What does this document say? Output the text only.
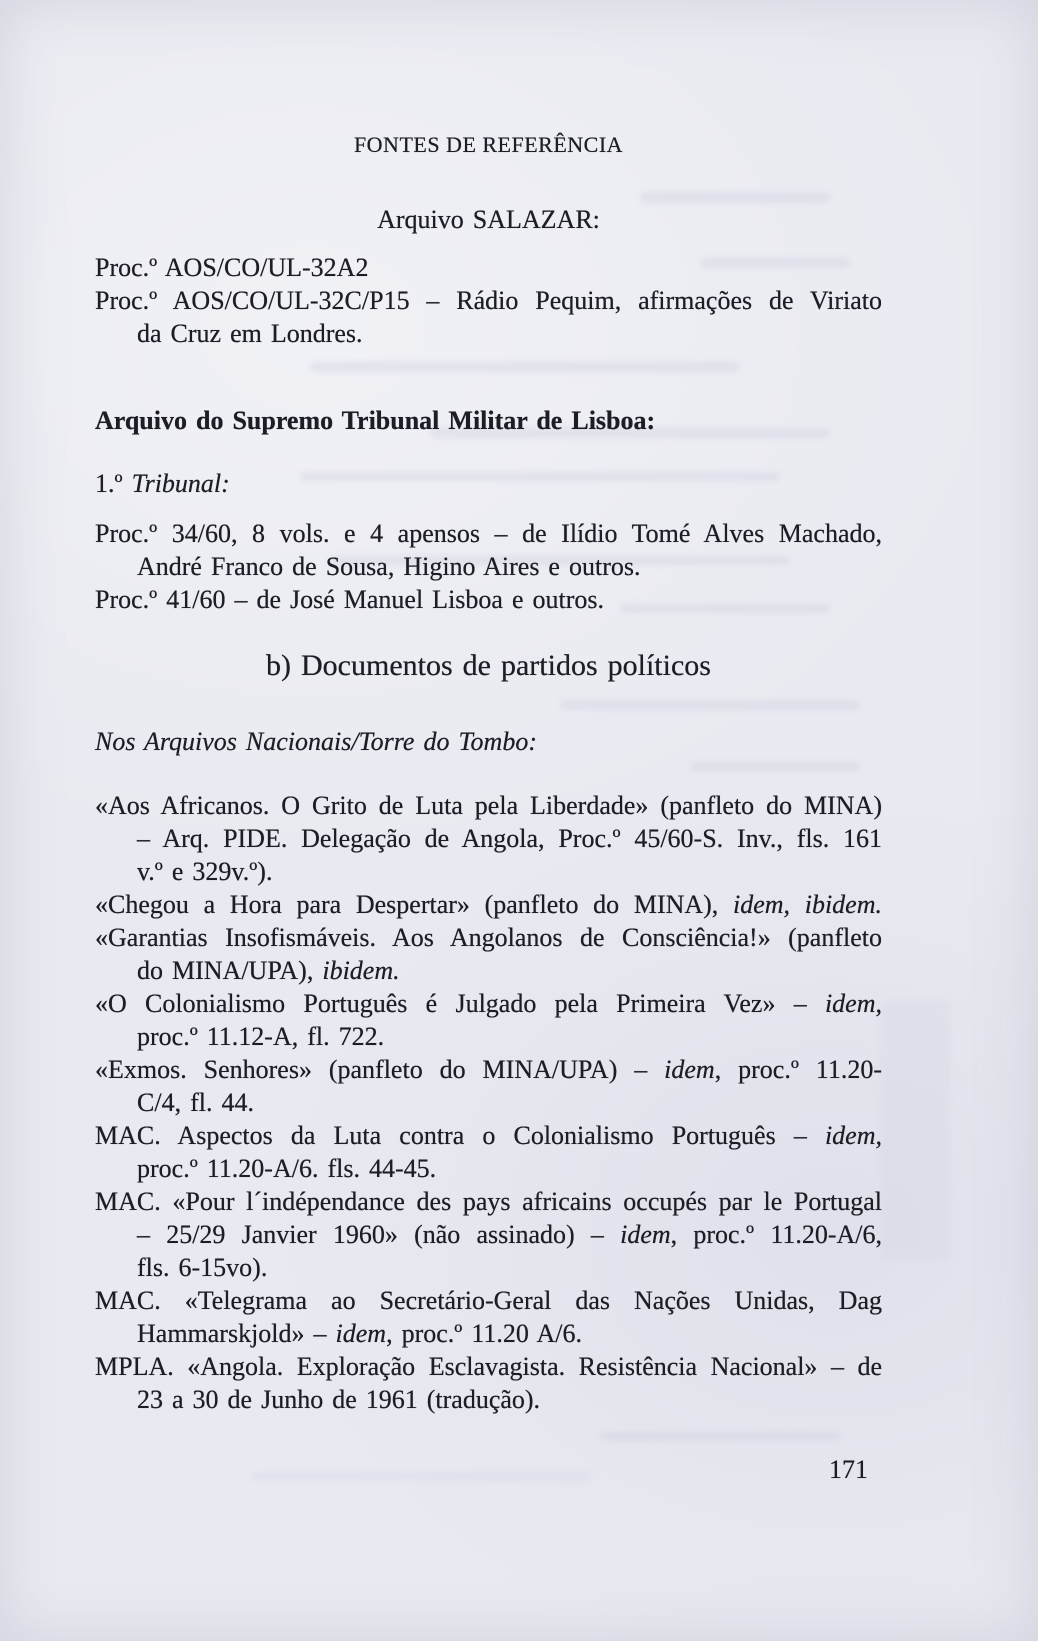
FONTES DE REFERÊNCIA
Arquivo SALAZAR:
Proc.º AOS/CO/UL-32A2
Proc.º AOS/CO/UL-32C/P15 – Rádio Pequim, afirmações de Viriato
da Cruz em Londres.
Arquivo do Supremo Tribunal Militar de Lisboa:
1.º Tribunal:
Proc.º 34/60, 8 vols. e 4 apensos – de Ilídio Tomé Alves Machado,
André Franco de Sousa, Higino Aires e outros.
Proc.º 41/60 – de José Manuel Lisboa e outros.
b) Documentos de partidos políticos
Nos Arquivos Nacionais/Torre do Tombo:
«Aos Africanos. O Grito de Luta pela Liberdade» (panfleto do MINA)
– Arq. PIDE. Delegação de Angola, Proc.º 45/60-S. Inv., fls. 161
v.º e 329v.º).
«Chegou a Hora para Despertar» (panfleto do MINA), idem, ibidem.
«Garantias Insofismáveis. Aos Angolanos de Consciência!» (panfleto
do MINA/UPA), ibidem.
«O Colonialismo Português é Julgado pela Primeira Vez» – idem,
proc.º 11.12-A, fl. 722.
«Exmos. Senhores» (panfleto do MINA/UPA) – idem, proc.º 11.20-
C/4, fl. 44.
MAC. Aspectos da Luta contra o Colonialismo Português – idem,
proc.º 11.20-A/6. fls. 44-45.
MAC. «Pour l´indépendance des pays africains occupés par le Portugal
– 25/29 Janvier 1960» (não assinado) – idem, proc.º 11.20-A/6,
fls. 6-15vo).
MAC. «Telegrama ao Secretário-Geral das Nações Unidas, Dag
Hammarskjold» – idem, proc.º 11.20 A/6.
MPLA. «Angola. Exploração Esclavagista. Resistência Nacional» – de
23 a 30 de Junho de 1961 (tradução).
171
